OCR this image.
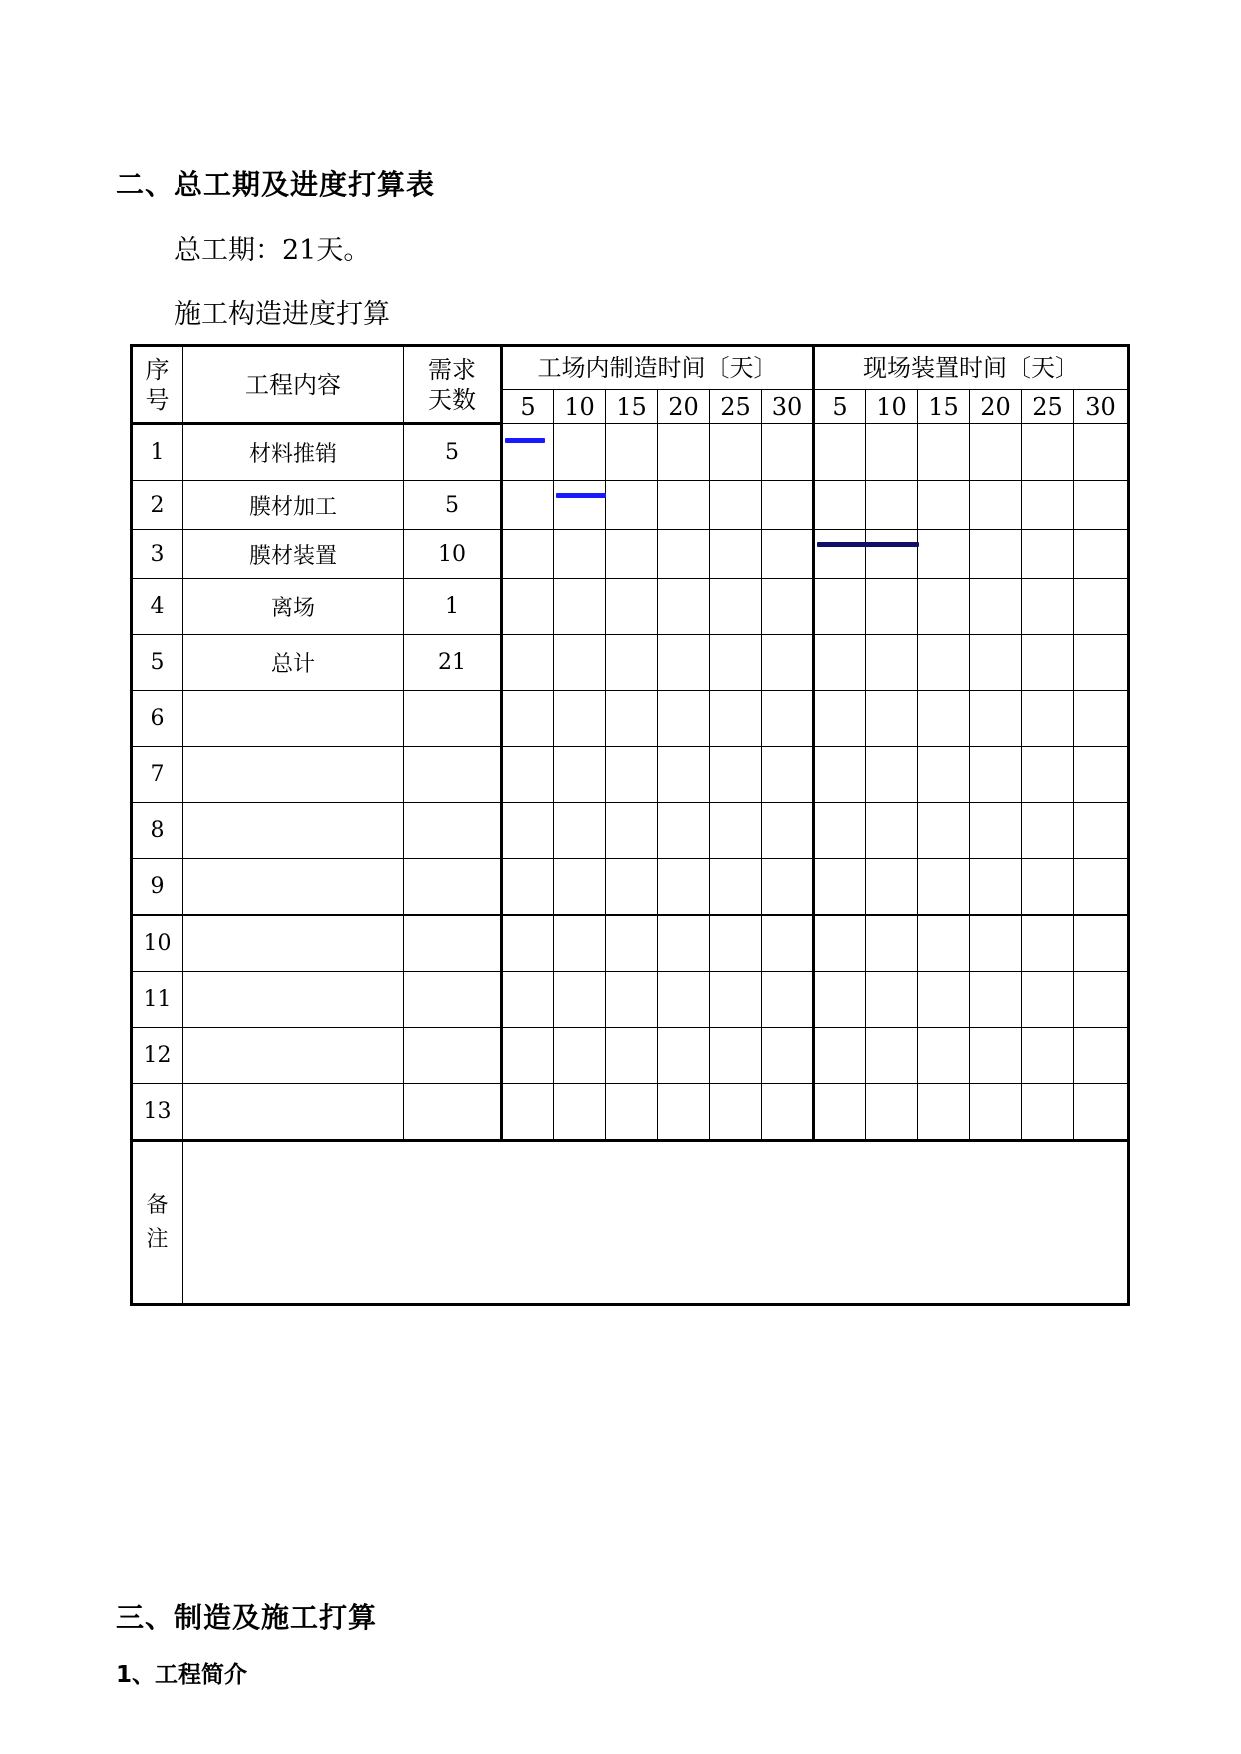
二、总工期及进度打算表
总工期：21天。
施工构造进度打算
序号	工程内容	需求天数	工场内制造时间〔天〕						现场装置时间〔天〕					
			5	10	15	20	25	30	5	10	15	20	25	30
1	材料推销	5	

2	膜材加工	5		

3	膜材装置	10							

4	离场	1												
5	总计	21												
6														
7														
8														
9														
10														
11														
12														
13														
备注														
三、制造及施工打算
1、工程简介
